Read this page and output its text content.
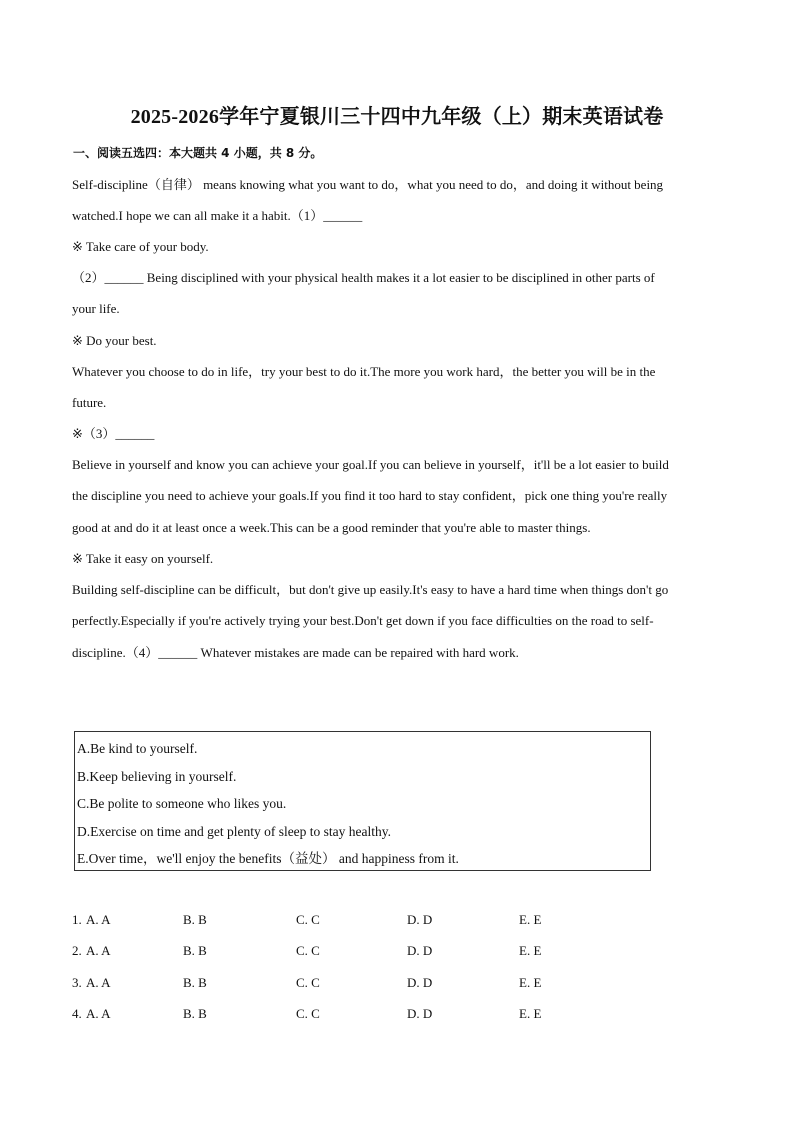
2025-2026学年宁夏银川三十四中九年级（上）期末英语试卷
一、阅读五选四：本大题共 4 小题，共 8 分。
Self-discipline（自律） means knowing what you want to do，what you need to do，and doing it without being
watched.I hope we can all make it a habit.（1）______
※ Take care of your body.
（2）______ Being disciplined with your physical health makes it a lot easier to be disciplined in other parts of
your life.
※ Do your best.
Whatever you choose to do in life，try your best to do it.The more you work hard，the better you will be in the
future.
※（3）______
Believe in yourself and know you can achieve your goal.If you can believe in yourself，it'll be a lot easier to build
the discipline you need to achieve your goals.If you find it too hard to stay confident，pick one thing you're really
good at and do it at least once a week.This can be a good reminder that you're able to master things.
※ Take it easy on yourself.
Building self-discipline can be difficult，but don't give up easily.It's easy to have a hard time when things don't go
perfectly.Especially if you're actively trying your best.Don't get down if you face difficulties on the road to self-
discipline.（4）______ Whatever mistakes are made can be repaired with hard work.
A.Be kind to yourself.
B.Keep believing in yourself.
C.Be polite to someone who likes you.
D.Exercise on time and get plenty of sleep to stay healthy.
E.Over time，we'll enjoy the benefits（益处） and happiness from it.
1. A. A	B. B	C. C	D. D	E. E
2. A. A	B. B	C. C	D. D	E. E
3. A. A	B. B	C. C	D. D	E. E
4. A. A	B. B	C. C	D. D	E. E
